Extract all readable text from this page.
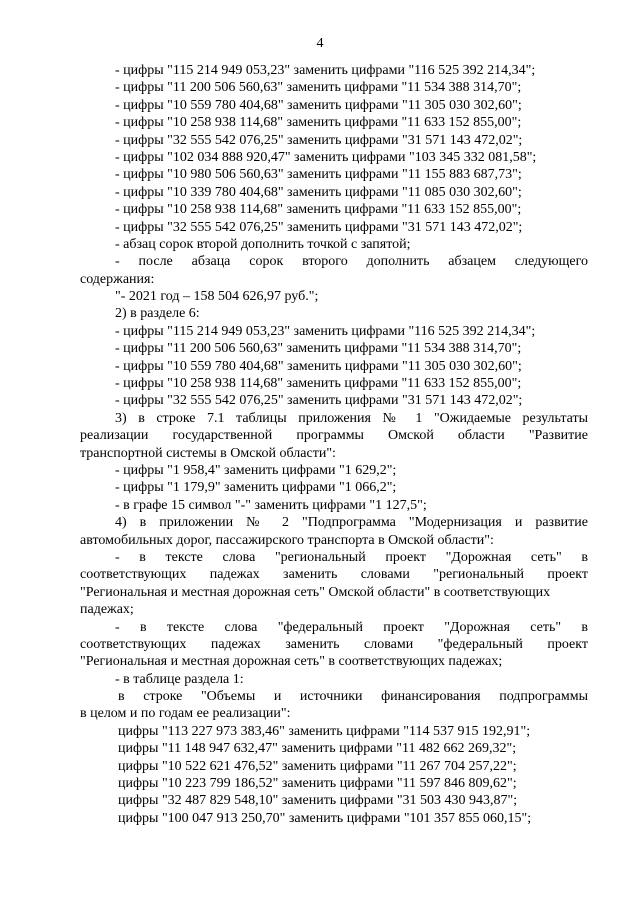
4
- цифры "115 214 949 053,23" заменить цифрами "116 525 392 214,34";
- цифры "11 200 506 560,63" заменить цифрами "11 534 388 314,70";
- цифры "10 559 780 404,68" заменить цифрами "11 305 030 302,60";
- цифры "10 258 938 114,68" заменить цифрами "11 633 152 855,00";
- цифры "32 555 542 076,25" заменить цифрами "31 571 143 472,02";
- цифры "102 034 888 920,47" заменить цифрами "103 345 332 081,58";
- цифры "10 980 506 560,63" заменить цифрами "11 155 883 687,73";
- цифры "10 339 780 404,68" заменить цифрами "11 085 030 302,60";
- цифры "10 258 938 114,68" заменить цифрами "11 633 152 855,00";
- цифры "32 555 542 076,25" заменить цифрами "31 571 143 472,02";
- абзац сорок второй дополнить точкой с запятой;
- после абзаца сорок второго дополнить абзацем следующего
содержания:
"- 2021 год – 158 504 626,97 руб.";
2) в разделе 6:
- цифры "115 214 949 053,23" заменить цифрами "116 525 392 214,34";
- цифры "11 200 506 560,63" заменить цифрами "11 534 388 314,70";
- цифры "10 559 780 404,68" заменить цифрами "11 305 030 302,60";
- цифры "10 258 938 114,68" заменить цифрами "11 633 152 855,00";
- цифры "32 555 542 076,25" заменить цифрами "31 571 143 472,02";
3) в строке 7.1 таблицы приложения № 1 "Ожидаемые результаты
реализации государственной программы Омской области "Развитие
транспортной системы в Омской области":
- цифры "1 958,4" заменить цифрами "1 629,2";
- цифры "1 179,9" заменить цифрами "1 066,2";
- в графе 15 символ "-" заменить цифрами "1 127,5";
4) в приложении № 2 "Подпрограмма "Модернизация и развитие
автомобильных дорог, пассажирского транспорта в Омской области":
- в тексте слова "региональный проект "Дорожная сеть" в
соответствующих падежах заменить словами "региональный проект
"Региональная и местная дорожная сеть" Омской области" в соответствующих
падежах;
- в тексте слова "федеральный проект "Дорожная сеть" в
соответствующих падежах заменить словами "федеральный проект
"Региональная и местная дорожная сеть" в соответствующих падежах;
- в таблице раздела 1:
в строке "Объемы и источники финансирования подпрограммы
в целом и по годам ее реализации":
цифры "113 227 973 383,46" заменить цифрами "114 537 915 192,91";
цифры "11 148 947 632,47" заменить цифрами "11 482 662 269,32";
цифры "10 522 621 476,52" заменить цифрами "11 267 704 257,22";
цифры "10 223 799 186,52" заменить цифрами "11 597 846 809,62";
цифры "32 487 829 548,10" заменить цифрами "31 503 430 943,87";
цифры "100 047 913 250,70" заменить цифрами "101 357 855 060,15";
